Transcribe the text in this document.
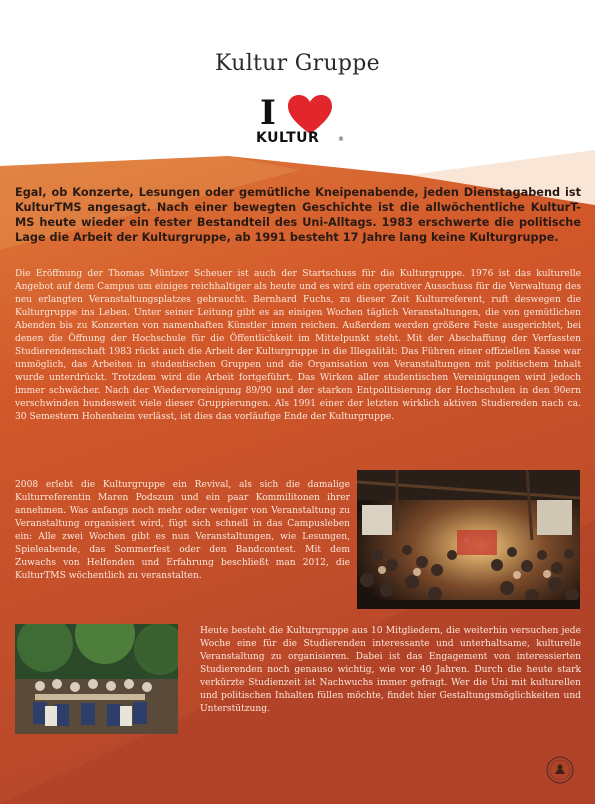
Kultur Gruppe
I
KULTUR	®
Egal, ob Konzerte, Lesungen oder gemütliche Kneipenabende, jeden Dienstagabend ist KulturTMS angesagt. Nach einer bewegten Geschichte ist die allwöchentliche KulturT-MS heute wieder ein fester Bestandteil des Uni-Alltags. 1983 erschwerte die politische Lage die Arbeit der Kulturgruppe, ab 1991 besteht 17 Jahre lang keine Kulturgruppe.
Die Eröffnung der Thomas Müntzer Scheuer ist auch der Startschuss für die Kulturgruppe. 1976 ist das kulturelle Angebot auf dem Campus um einiges reichhaltiger als heute und es wird ein operativer Ausschuss für die Verwaltung des neu erlangten Veranstaltungsplatzes gebraucht. Bernhard Fuchs, zu dieser Zeit Kulturreferent, ruft deswegen die Kulturgruppe ins Leben. Unter seiner Leitung gibt es an einigen Wochen täglich Veranstaltungen, die von gemütlichen Abenden bis zu Konzerten von namenhaften Künstler_innen reichen. Außerdem werden größere Feste ausgerichtet, bei denen die Öffnung der Hochschule für die Öffentlichkeit im Mittelpunkt steht. Mit der Abschaffung der Verfassten Studierendenschaft 1983 rückt auch die Arbeit der Kulturgruppe in die Illegalität: Das Führen einer offiziellen Kasse war unmöglich, das Arbeiten in studentischen Gruppen und die Organisation von Veranstaltungen mit politischem Inhalt wurde unterdrückt. Trotzdem wird die Arbeit fortgeführt. Das Wirken aller studentischen Vereinigungen wird jedoch immer schwächer. Nach der Wiedervereinigung 89/90 und der starken Entpolitisierung der Hochschulen in den 90ern verschwinden bundesweit viele dieser Gruppierungen. Als 1991 einer der letzten wirklich aktiven Studiereden nach ca. 30 Semestern Hohenheim verlässt, ist dies das vorläufige Ende der Kulturgruppe.
2008 erlebt die Kulturgruppe ein Revival, als sich die damalige Kulturreferentin Maren Podszun und ein paar Kommilitonen ihrer annehmen. Was anfangs noch mehr oder weniger von Veranstaltung zu Veranstaltung organisiert wird, fügt sich schnell in das Campusleben ein: Alle zwei Wochen gibt es nun Veranstaltungen, wie Lesungen, Spieleabende, das Sommerfest oder den Bandcontest. Mit dem Zuwachs von Helfenden und Erfahrung beschließt man 2012, die KulturTMS wöchentlich zu veranstalten.
Heute besteht die Kulturgruppe aus 10 Mitgliedern, die weiterhin versuchen jede Woche eine für die Studierenden interessante und unterhaltsame, kulturelle Veranstaltung zu organisieren. Dabei ist das Engagement von interessierten Studierenden noch genauso wichtig, wie vor 40 Jahren. Durch die heute stark verkürzte Studienzeit ist Nachwuchs immer gefragt. Wer die Uni mit kulturellen und politischen Inhalten füllen möchte, findet hier Gestaltungsmöglichkeiten und Unterstützung.
